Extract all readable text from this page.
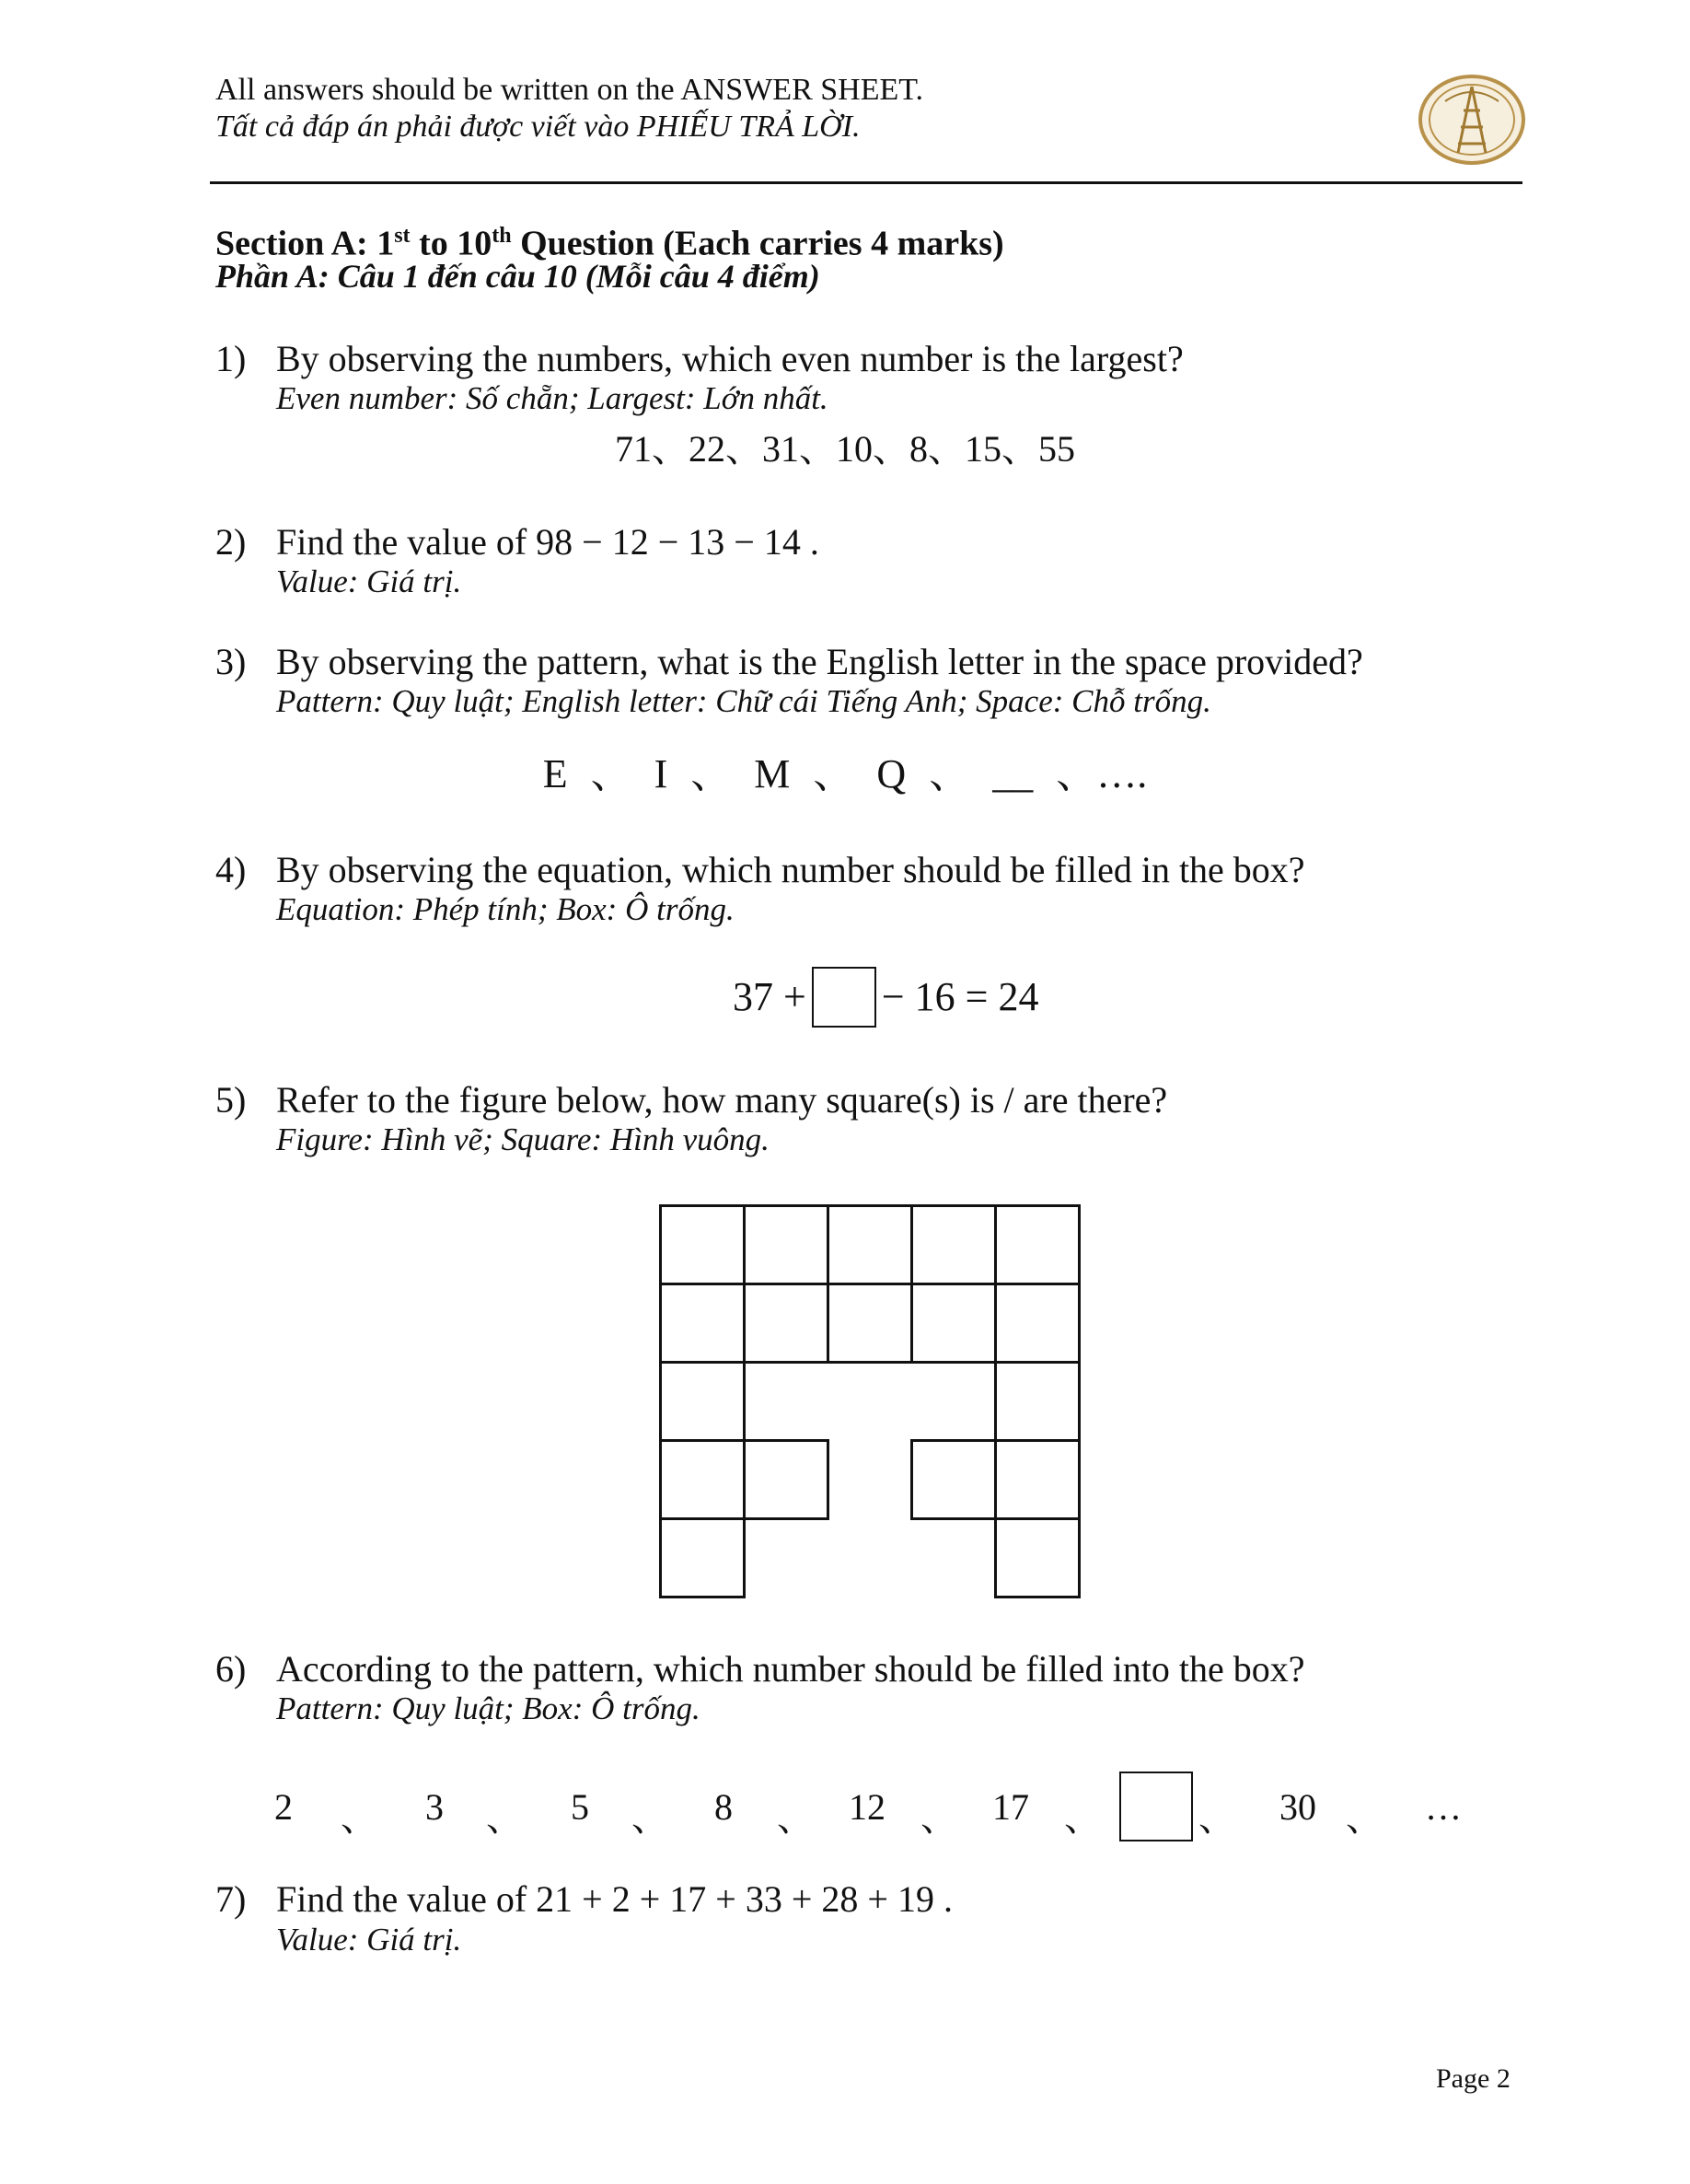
All answers should be written on the ANSWER SHEET.
Tất cả đáp án phải được viết vào PHIẾU TRẢ LỜI.
Section A: 1st to 10th Question (Each carries 4 marks)
Phần A: Câu 1 đến câu 10 (Mỗi câu 4 điểm)
1) By observing the numbers, which even number is the largest?
Even number: Số chẵn; Largest: Lớn nhất.
71、22、31、10、8、15、55
2) Find the value of 98 − 12 − 13 − 14 .
Value: Giá trị.
3) By observing the pattern, what is the English letter in the space provided?
Pattern: Quy luật; English letter: Chữ cái Tiếng Anh; Space: Chỗ trống.
E 、 I 、 M 、 Q 、 __ 、….
4) By observing the equation, which number should be filled in the box?
Equation: Phép tính; Box: Ô trống.
37 + − 16 = 24
5) Refer to the figure below, how many square(s) is / are there?
Figure: Hình vẽ; Square: Hình vuông.
6) According to the pattern, which number should be filled into the box?
Pattern: Quy luật; Box: Ô trống.
2 、 3 、 5 、 8 、 12 、 17 、	、 30 、 …
7) Find the value of 21 + 2 + 17 + 33 + 28 + 19 .
Value: Giá trị.
Page 2
